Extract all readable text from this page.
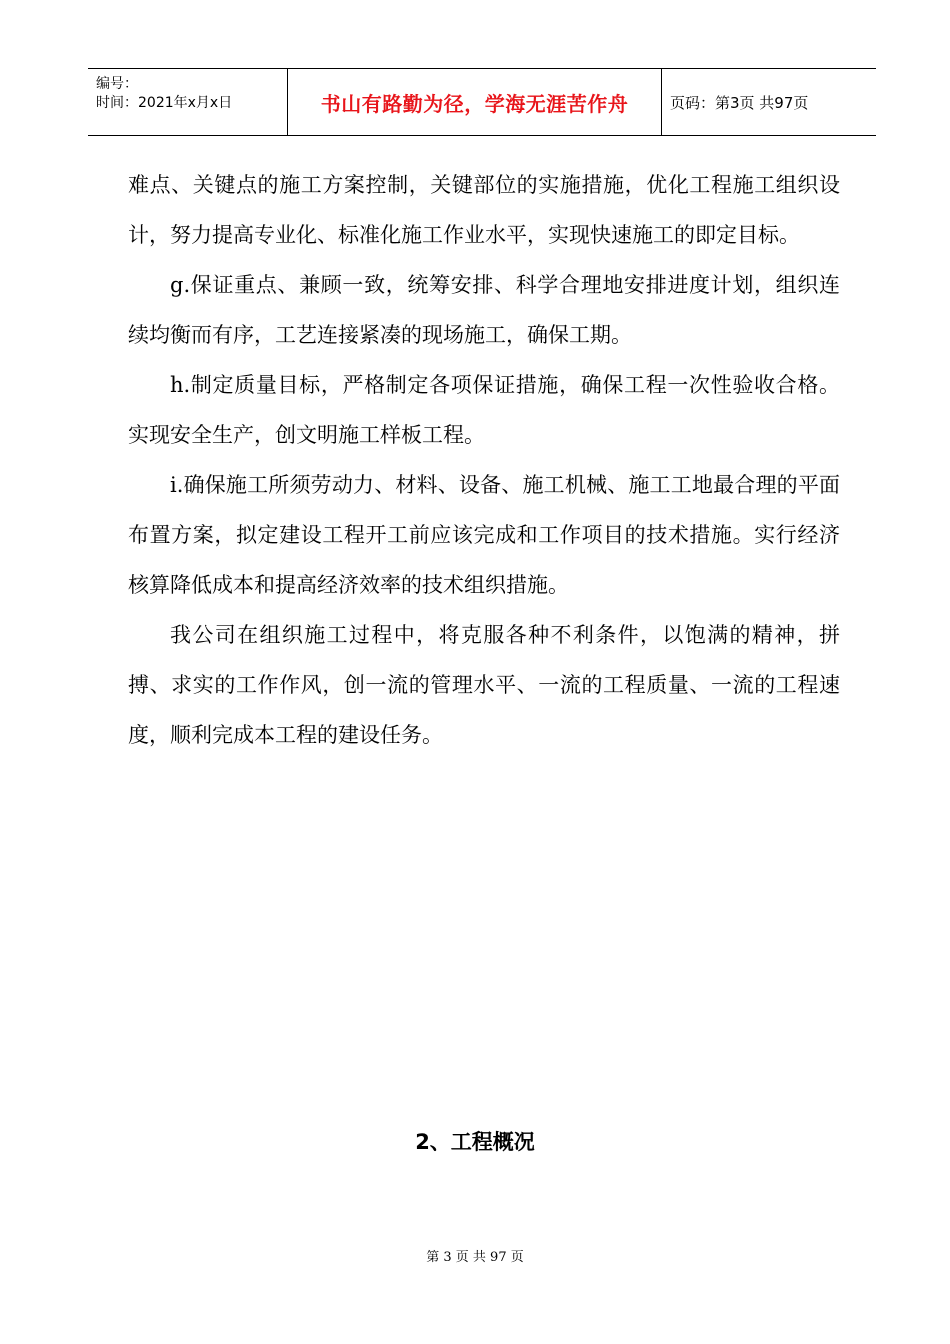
编号：
时间：2021年x月x日	书山有路勤为径，学海无涯苦作舟	页码：第3页 共97页

难点、关键点的施工方案控制，关键部位的实施措施，优化工程施工组织设计，努力提高专业化、标准化施工作业水平，实现快速施工的即定目标。

g.保证重点、兼顾一致，统筹安排、科学合理地安排进度计划，组织连续均衡而有序，工艺连接紧凑的现场施工，确保工期。

h.制定质量目标，严格制定各项保证措施，确保工程一次性验收合格。实现安全生产，创文明施工样板工程。

i.确保施工所须劳动力、材料、设备、施工机械、施工工地最合理的平面布置方案，拟定建设工程开工前应该完成和工作项目的技术措施。实行经济核算降低成本和提高经济效率的技术组织措施。

我公司在组织施工过程中，将克服各种不利条件，以饱满的精神，拼搏、求实的工作作风，创一流的管理水平、一流的工程质量、一流的工程速度，顺利完成本工程的建设任务。

2、工程概况
第 3 页 共 97 页
